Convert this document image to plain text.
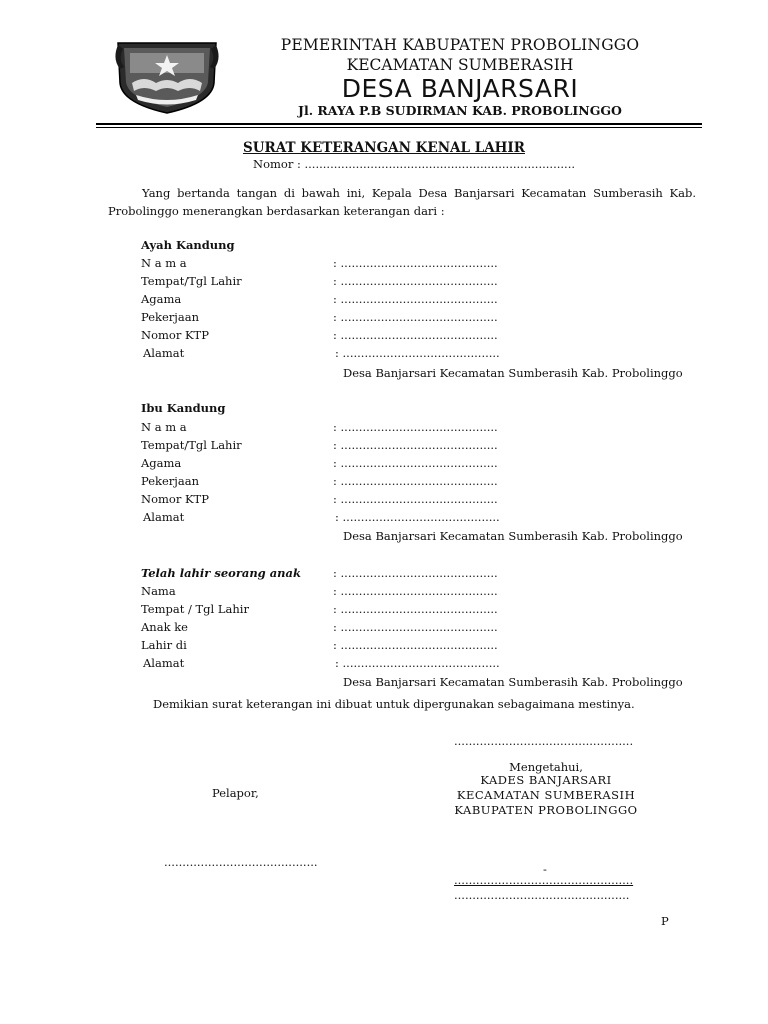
PEMERINTAH KABUPATEN PROBOLINGGO
KECAMATAN SUMBERASIH
DESA BANJARSARI
Jl. RAYA P.B SUDIRMAN KAB. PROBOLINGGO
SURAT KETERANGAN KENAL LAHIR
Nomor : ..........................................................................
Yang bertanda tangan di bawah ini, Kepala Desa Banjarsari Kecamatan Sumberasih Kab. Probolinggo menerangkan berdasarkan keterangan dari :
Ayah Kandung
N a m a	: ...........................................
Tempat/Tgl Lahir	: ...........................................
Agama	: ...........................................
Pekerjaan	: ...........................................
Nomor KTP	: ...........................................
Alamat	: ...........................................
Desa Banjarsari Kecamatan Sumberasih Kab. Probolinggo
Ibu Kandung
N a m a	: ...........................................
Tempat/Tgl Lahir	: ...........................................
Agama	: ...........................................
Pekerjaan	: ...........................................
Nomor KTP	: ...........................................
Alamat	: ...........................................
Desa Banjarsari Kecamatan Sumberasih Kab. Probolinggo
Telah lahir seorang anak	: ...........................................
Nama	: ...........................................
Tempat / Tgl Lahir	: ...........................................
Anak ke	: ...........................................
Lahir di	: ...........................................
Alamat	: ...........................................
Desa Banjarsari Kecamatan Sumberasih Kab. Probolinggo
Demikian surat keterangan ini dibuat untuk dipergunakan sebagaimana mestinya.
.................................................
Mengetahui,
KADES BANJARSARI
KECAMATAN SUMBERASIH
KABUPATEN PROBOLINGGO
Pelapor,
..........................................	-
.................................................
................................................
P
